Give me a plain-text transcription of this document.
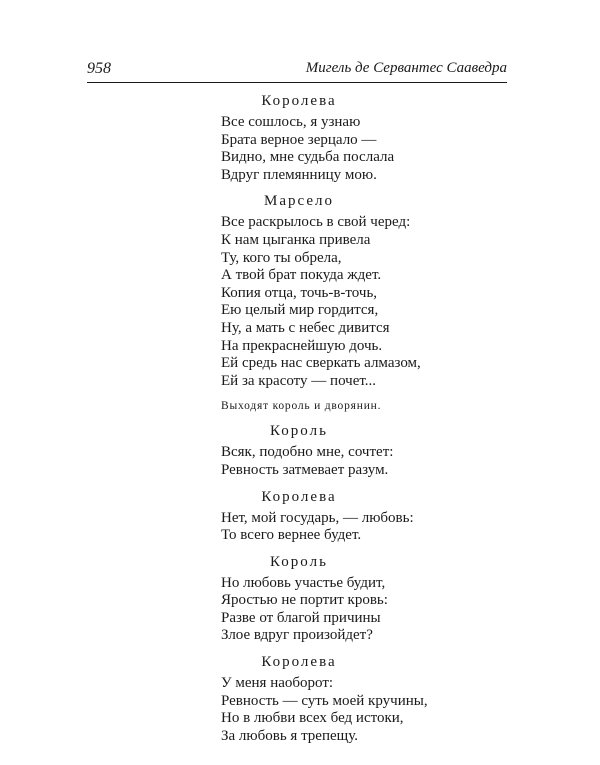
958	Мигель де Сервантес Сааведра
Королева
Все сошлось, я узнаю
Брата верное зерцало —
Видно, мне судьба послала
Вдруг племянницу мою.
Марсело
Все раскрылось в свой черед:
К нам цыганка привела
Ту, кого ты обрела,
А твой брат покуда ждет.
Копия отца, точь-в-точь,
Ею целый мир гордится,
Ну, а мать с небес дивится
На прекраснейшую дочь.
Ей средь нас сверкать алмазом,
Ей за красоту — почет...
Выходят король и дворянин.
Король
Всяк, подобно мне, сочтет:
Ревность затмевает разум.
Королева
Нет, мой государь, — любовь:
То всего вернее будет.
Король
Но любовь участье будит,
Яростью не портит кровь:
Разве от благой причины
Злое вдруг произойдет?
Королева
У меня наоборот:
Ревность — суть моей кручины,
Но в любви всех бед истоки,
За любовь я трепещу.
